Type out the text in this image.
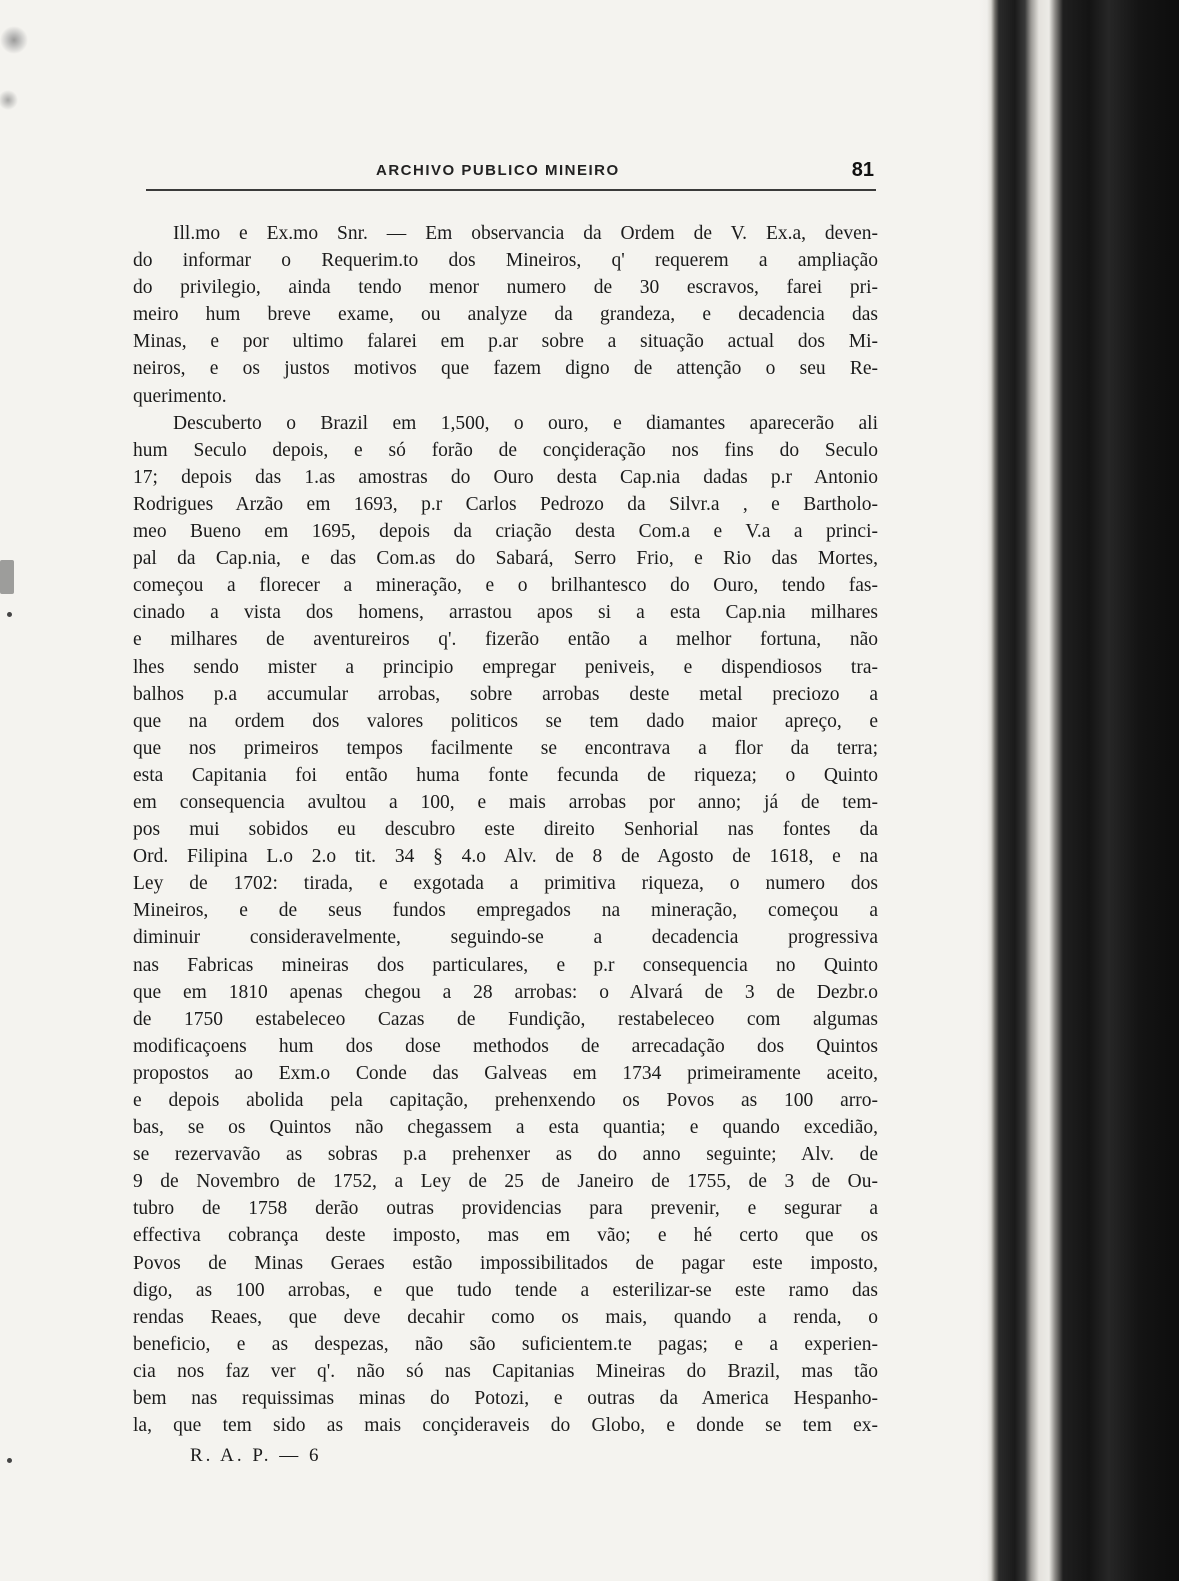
ARCHIVO PUBLICO MINEIRO	81
Ill.mo e Ex.mo Snr. — Em observancia da Ordem de V. Ex.a, deven-
do informar o Requerim.to dos Mineiros, q' requerem a ampliação
do privilegio, ainda tendo menor numero de 30 escravos, farei pri-
meiro hum breve exame, ou analyze da grandeza, e decadencia das
Minas, e por ultimo falarei em p.ar sobre a situação actual dos Mi-
neiros, e os justos motivos que fazem digno de attenção o seu Re-
querimento.
Descuberto o Brazil em 1,500, o ouro, e diamantes aparecerão ali
hum Seculo depois, e só forão de conçideração nos fins do Seculo
17; depois das 1.as amostras do Ouro desta Cap.nia dadas p.r Antonio
Rodrigues Arzão em 1693, p.r Carlos Pedrozo da Silvr.a , e Bartholo-
meo Bueno em 1695, depois da criação desta Com.a e V.a a princi-
pal da Cap.nia, e das Com.as do Sabará, Serro Frio, e Rio das Mortes,
começou a florecer a mineração, e o brilhantesco do Ouro, tendo fas-
cinado a vista dos homens, arrastou apos si a esta Cap.nia milhares
e milhares de aventureiros q'. fizerão então a melhor fortuna, não
lhes sendo mister a principio empregar peniveis, e dispendiosos tra-
balhos p.a accumular arrobas, sobre arrobas deste metal preciozo a
que na ordem dos valores politicos se tem dado maior apreço, e
que nos primeiros tempos facilmente se encontrava a flor da terra;
esta Capitania foi então huma fonte fecunda de riqueza; o Quinto
em consequencia avultou a 100, e mais arrobas por anno; já de tem-
pos mui sobidos eu descubro este direito Senhorial nas fontes da
Ord. Filipina L.o 2.o tit. 34 § 4.o Alv. de 8 de Agosto de 1618, e na
Ley de 1702: tirada, e exgotada a primitiva riqueza, o numero dos
Mineiros, e de seus fundos empregados na mineração, começou a
diminuir consideravelmente, seguindo-se a decadencia progressiva
nas Fabricas mineiras dos particulares, e p.r consequencia no Quinto
que em 1810 apenas chegou a 28 arrobas: o Alvará de 3 de Dezbr.o
de 1750 estabeleceo Cazas de Fundição, restabeleceo com algumas
modificaçoens hum dos dose methodos de arrecadação dos Quintos
propostos ao Exm.o Conde das Galveas em 1734 primeiramente aceito,
e depois abolida pela capitação, prehenxendo os Povos as 100 arro-
bas, se os Quintos não chegassem a esta quantia; e quando excedião,
se rezervavão as sobras p.a prehenxer as do anno seguinte; Alv. de
9 de Novembro de 1752, a Ley de 25 de Janeiro de 1755, de 3 de Ou-
tubro de 1758 derão outras providencias para prevenir, e segurar a
effectiva cobrança deste imposto, mas em vão; e hé certo que os
Povos de Minas Geraes estão impossibilitados de pagar este imposto,
digo, as 100 arrobas, e que tudo tende a esterilizar-se este ramo das
rendas Reaes, que deve decahir como os mais, quando a renda, o
beneficio, e as despezas, não são suficientem.te pagas; e a experien-
cia nos faz ver q'. não só nas Capitanias Mineiras do Brazil, mas tão
bem nas requissimas minas do Potozi, e outras da America Hespanho-
la, que tem sido as mais conçideraveis do Globo, e donde se tem ex-
R. A. P. — 6
